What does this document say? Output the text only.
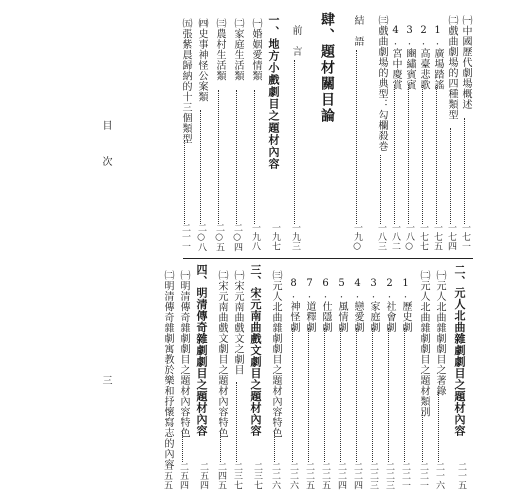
目　次
三
㈠中國歷代劇場概述
一七一
㈡戲曲劇場的四種類型
一七四
1.廣場踏謠
一七五
2.高臺悲歌
一七七
3.豳繡賓賓
一八○
4.宮中慶賞
一八二
㈢戲曲劇場的典型：勾欄殺巻
一八三
結　語
一九○
肆、題材關目論
前　言
一九三
一、地方小戲劇目之題材內容
一九七
㈠婚姻愛情類
一九八
㈡家庭生活類
二○四
㈢農村生活類
二○五
㈣史事神怪公案類
二○八
㈤張紫晨歸納的十三個類型
二一一
二、元人北曲雜劇劇目之題材內容
二一五
㈠元人北曲雜劇劇目之著錄
二一六
㈡元人北曲雜劇劇目之題材類別
二二一
1.歷史劇
二二一
2.社會劇
二二三
3.家庭劇
二二三
4.戀愛劇
二二四
5.風情劇
二二四
6.仕隱劇
二二五
7.道釋劇
二二五
8.神怪劇
二二六
㈢元人北曲雜劇劇目之題材內容特色
二二六
三、宋元南曲戲文劇目之題材內容
二三七
㈠宋元南曲戲文之劇目
二三七
㈡宋元南曲戲文劇目之題材內容特色
二四五
四、明清傳奇雜劇劇目之題材內容
二五四
㈠明清傳奇雜劇劇目之題材內容特色
二五四
㈡明清傳奇雜劇寓教於樂和抒懷寫志的內容
二五五
